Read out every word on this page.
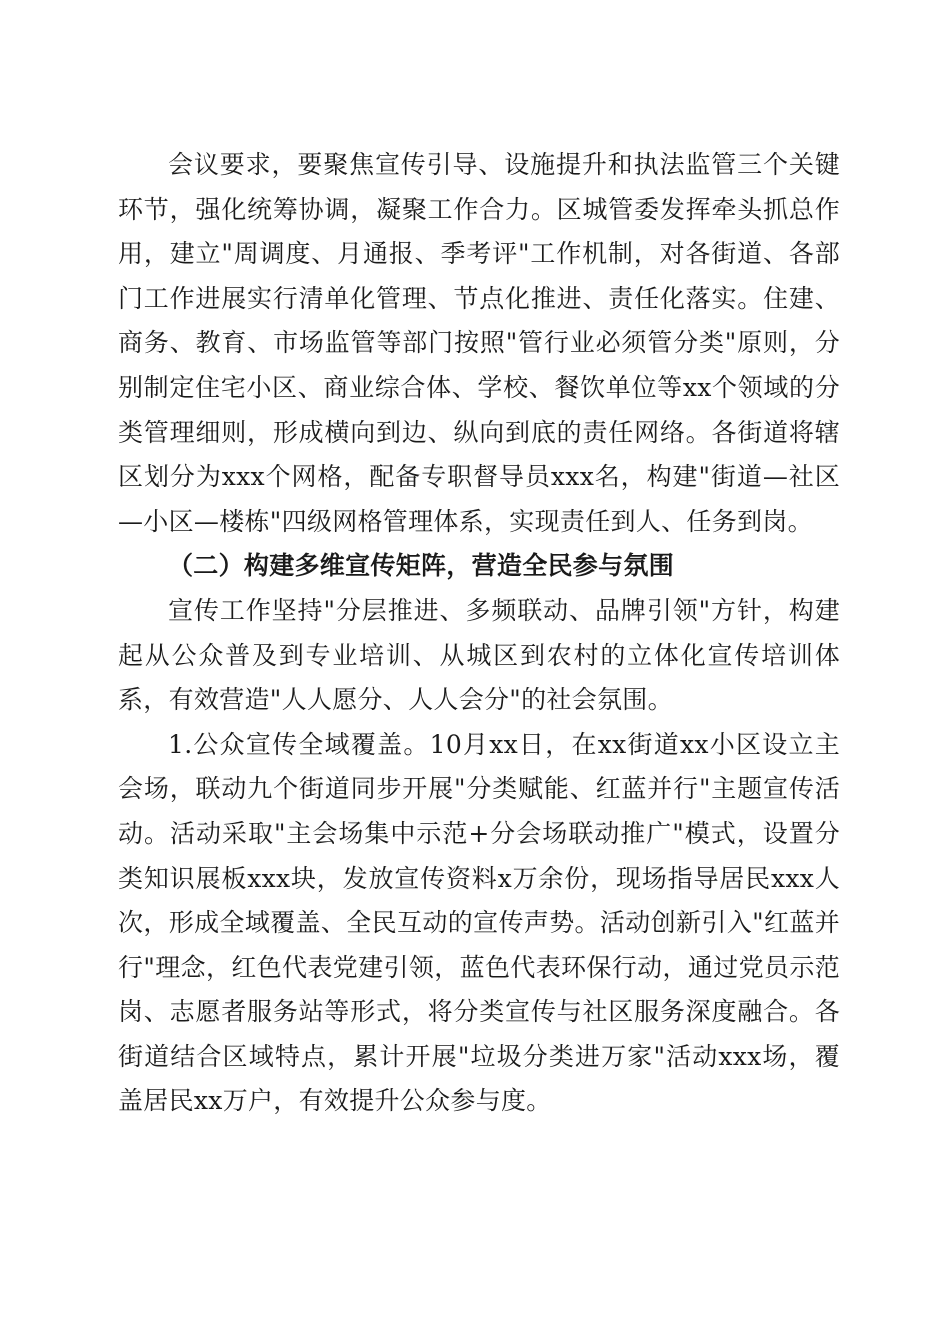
会议要求，要聚焦宣传引导、设施提升和执法监管三个关键环节，强化统筹协调，凝聚工作合力。区城管委发挥牵头抓总作用，建立"周调度、月通报、季考评"工作机制，对各街道、各部门工作进展实行清单化管理、节点化推进、责任化落实。住建、商务、教育、市场监管等部门按照"管行业必须管分类"原则，分别制定住宅小区、商业综合体、学校、餐饮单位等xx个领域的分类管理细则，形成横向到边、纵向到底的责任网络。各街道将辖区划分为xxx个网格，配备专职督导员xxx名，构建"街道—社区—小区—楼栋"四级网格管理体系，实现责任到人、任务到岗。

（二）构建多维宣传矩阵，营造全民参与氛围

宣传工作坚持"分层推进、多频联动、品牌引领"方针，构建起从公众普及到专业培训、从城区到农村的立体化宣传培训体系，有效营造"人人愿分、人人会分"的社会氛围。

1.公众宣传全域覆盖。10月xx日，在xx街道xx小区设立主会场，联动九个街道同步开展"分类赋能、红蓝并行"主题宣传活动。活动采取"主会场集中示范+分会场联动推广"模式，设置分类知识展板xxx块，发放宣传资料x万余份，现场指导居民xxx人次，形成全域覆盖、全民互动的宣传声势。活动创新引入"红蓝并行"理念，红色代表党建引领，蓝色代表环保行动，通过党员示范岗、志愿者服务站等形式，将分类宣传与社区服务深度融合。各街道结合区域特点，累计开展"垃圾分类进万家"活动xxx场，覆盖居民xx万户，有效提升公众参与度。
